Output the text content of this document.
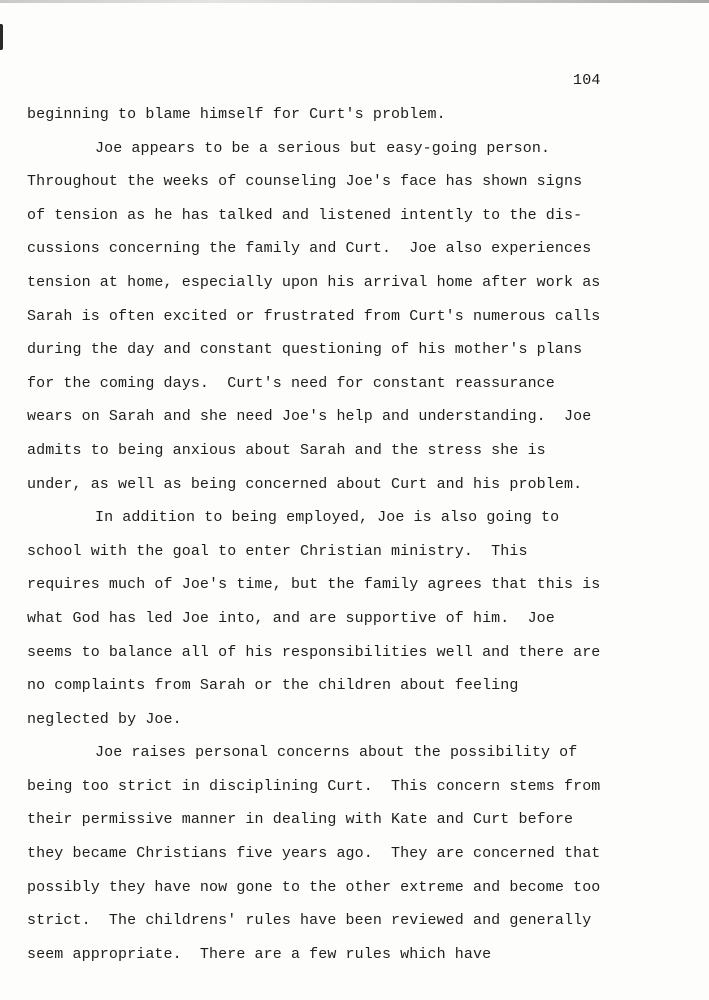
104
beginning to blame himself for Curt's problem.
Joe appears to be a serious but easy-going person.
Throughout the weeks of counseling Joe's face has shown signs
of tension as he has talked and listened intently to the dis-
cussions concerning the family and Curt.  Joe also experiences
tension at home, especially upon his arrival home after work as
Sarah is often excited or frustrated from Curt's numerous calls
during the day and constant questioning of his mother's plans
for the coming days.  Curt's need for constant reassurance
wears on Sarah and she need Joe's help and understanding.  Joe
admits to being anxious about Sarah and the stress she is
under, as well as being concerned about Curt and his problem.
In addition to being employed, Joe is also going to
school with the goal to enter Christian ministry.  This
requires much of Joe's time, but the family agrees that this is
what God has led Joe into, and are supportive of him.  Joe
seems to balance all of his responsibilities well and there are
no complaints from Sarah or the children about feeling
neglected by Joe.
Joe raises personal concerns about the possibility of
being too strict in disciplining Curt.  This concern stems from
their permissive manner in dealing with Kate and Curt before
they became Christians five years ago.  They are concerned that
possibly they have now gone to the other extreme and become too
strict.  The childrens' rules have been reviewed and generally
seem appropriate.  There are a few rules which have
